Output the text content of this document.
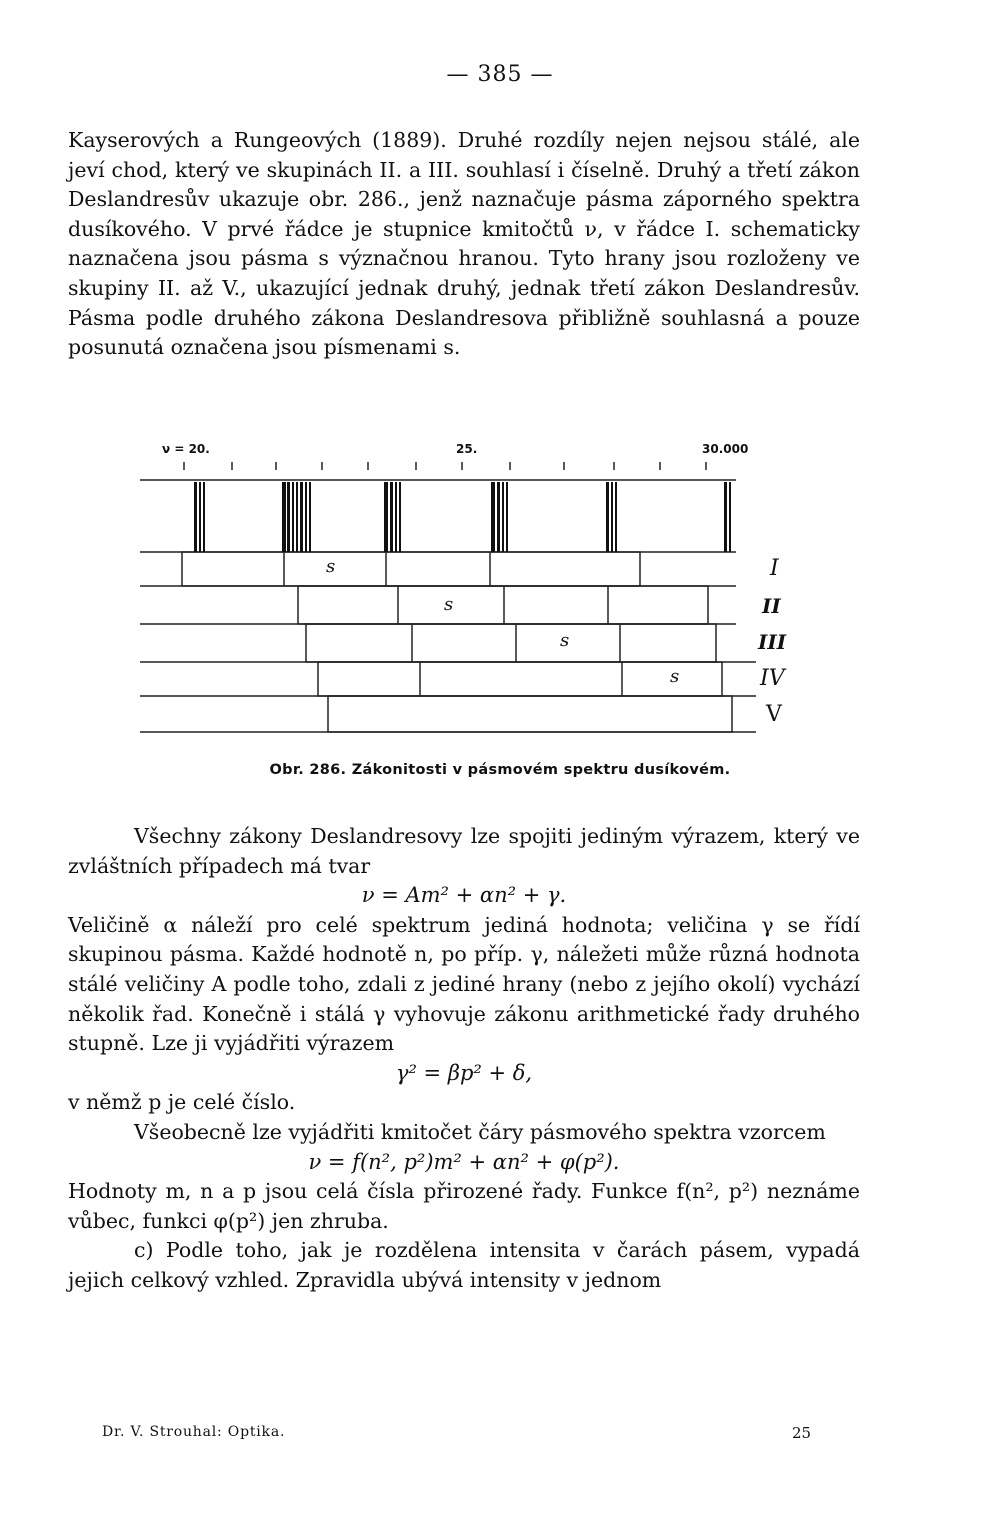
— 385 —

Kayserových a Rungeových (1889). Druhé rozdíly nejen nejsou stálé, ale jeví chod, který ve skupinách II. a III. souhlasí i číselně. Druhý a třetí zákon Deslandresův ukazuje obr. 286., jenž naznačuje pásma záporného spektra dusíkového. V prvé řádce je stupnice kmitočtů ν, v řádce I. schematicky naznačena jsou pásma s význačnou hranou. Tyto hrany jsou rozloženy ve skupiny II. až V., ukazující jednak druhý, jednak třetí zákon Deslandresův. Pásma podle druhého zákona Deslandresova přibližně souhlasná a pouze posunutá označena jsou písmenami s.

ν = 20.	25.	30.000
s
s
s
s
I
II
III
IV
V
Obr. 286. Zákonitosti v pásmovém spektru dusíkovém.

Všechny zákony Deslandresovy lze spojiti jediným výrazem, který ve zvláštních případech má tvar

ν = Am² + αn² + γ.

Veličině α náleží pro celé spektrum jediná hodnota; veličina γ se řídí skupinou pásma. Každé hodnotě n, po příp. γ, náležeti může různá hodnota stálé veličiny A podle toho, zdali z jediné hrany (nebo z jejího okolí) vychází několik řad. Konečně i stálá γ vyhovuje zákonu arithmetické řady druhého stupně. Lze ji vyjádřiti výrazem

γ² = βp² + δ,

v němž p je celé číslo.

Všeobecně lze vyjádřiti kmitočet čáry pásmového spektra vzorcem

ν = f(n², p²)m² + αn² + φ(p²).

Hodnoty m, n a p jsou celá čísla přirozené řady. Funkce f(n², p²) neznáme vůbec, funkci φ(p²) jen zhruba.

c) Podle toho, jak je rozdělena intensita v čarách pásem, vypadá jejich celkový vzhled. Zpravidla ubývá intensity v jednom

Dr. V. Strouhal: Optika.	25
